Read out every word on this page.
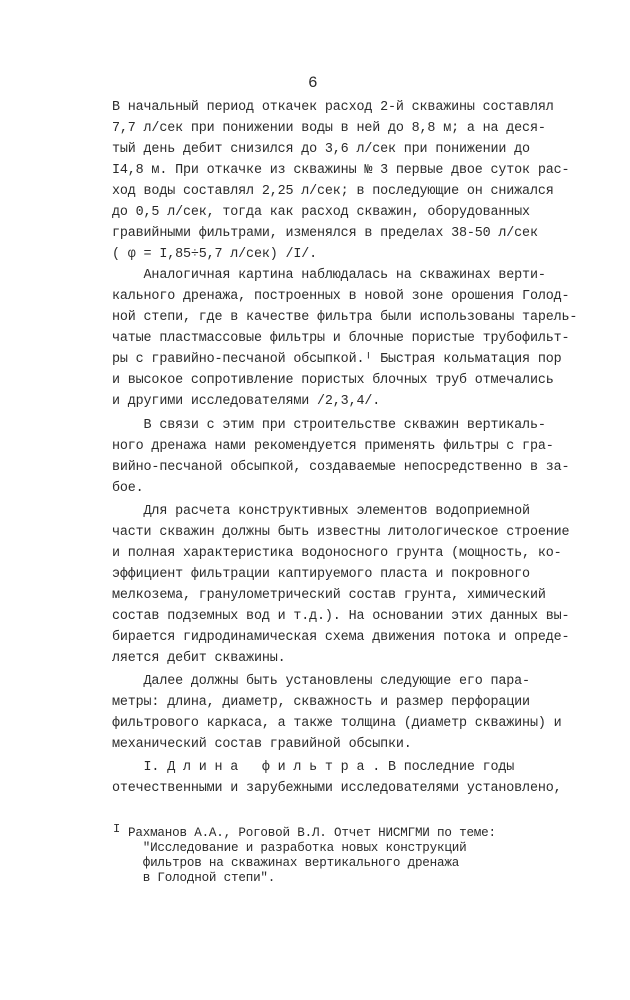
6
В начальный период откачек расход 2-й скважины составлял
7,7 л/сек при понижении воды в ней до 8,8 м; а на деся-
тый день дебит снизился до 3,6 л/сек при понижении до
I4,8 м. При откачке из скважины № 3 первые двое суток рас-
ход воды составлял 2,25 л/сек; в последующие он снижался
до 0,5 л/сек, тогда как расход скважин, оборудованных
гравийными фильтрами, изменялся в пределах 38-50 л/сек
( φ = I,85÷5,7 л/сек) /I/.
Аналогичная картина наблюдалась на скважинах верти-
кального дренажа, построенных в новой зоне орошения Голод-
ной степи, где в качестве фильтра были использованы тарель-
чатые пластмассовые фильтры и блочные пористые трубофильт-
ры с гравийно-песчаной обсыпкой.ᴵ Быстрая кольматация пор
и высокое сопротивление пористых блочных труб отмечались
и другими исследователями /2,3,4/.
В связи с этим при строительстве скважин вертикаль-
ного дренажа нами рекомендуется применять фильтры с гра-
вийно-песчаной обсыпкой, создаваемые непосредственно в за-
бое.
Для расчета конструктивных элементов водоприемной
части скважин должны быть известны литологическое строение
и полная характеристика водоносного грунта (мощность, ко-
эффициент фильтрации каптируемого пласта и покровного
мелкозема, гранулометрический состав грунта, химический
состав подземных вод и т.д.). На основании этих данных вы-
бирается гидродинамическая схема движения потока и опреде-
ляется дебит скважины.
Далее должны быть установлены следующие его пара-
метры: длина, диаметр, скважность и размер перфорации
фильтрового каркаса, а также толщина (диаметр скважины) и
механический состав гравийной обсыпки.
I. Д л и н а   ф и л ь т р а . В последние годы
отечественными и зарубежными исследователями установлено,
I Рахманов А.А., Роговой В.Л. Отчет НИСМГМИ по теме:
"Исследование и разработка новых конструкций
фильтров на скважинах вертикального дренажа
в Голодной степи".
